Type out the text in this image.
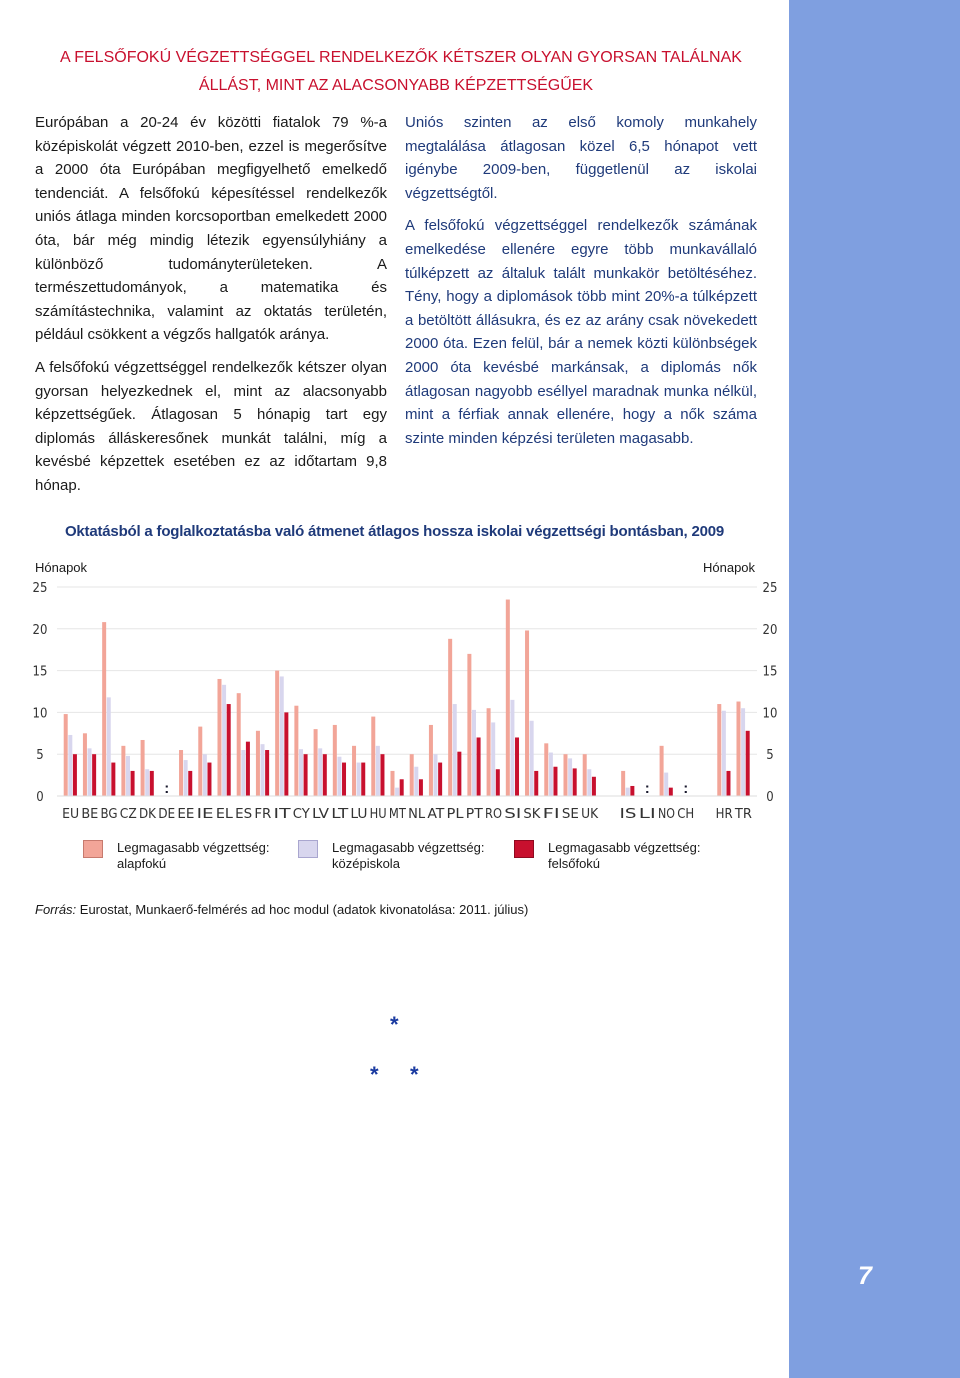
7
A FELSŐFOKÚ VÉGZETTSÉGGEL RENDELKEZŐK KÉTSZER OLYAN GYORSAN TALÁLNAK
ÁLLÁST, MINT AZ ALACSONYABB KÉPZETTSÉGŰEK

Európában a 20-24 év közötti fiatalok 79 %-a középiskolát végzett 2010-ben, ezzel is megerősítve a 2000 óta Európában megfigyelhető emelkedő tendenciát. A felsőfokú képesítéssel rendelkezők uniós átlaga minden korcsoportban emelkedett 2000 óta, bár még mindig létezik egyensúlyhiány a különböző tudományterületeken. A természettudományok, a matematika és számítástechnika, valamint az oktatás területén, például csökkent a végzős hallgatók aránya.

A felsőfokú végzettséggel rendelkezők kétszer olyan gyorsan helyezkednek el, mint az alacsonyabb képzettségűek. Átlagosan 5 hónapig tart egy diplomás álláskeresőnek munkát találni, míg a kevésbé képzettek esetében ez az időtartam 9,8 hónap.

Uniós szinten az első komoly munkahely megtalálása átlagosan közel 6,5 hónapot vett igénybe 2009-ben, függetlenül az iskolai végzettségtől.

A felsőfokú végzettséggel rendelkezők számának emelkedése ellenére egyre több munkavállaló túlképzett az általuk talált munkakör betöltéséhez. Tény, hogy a diplomások több mint 20%-a túlképzett a betöltött állásukra, és ez az arány csak növekedett 2000 óta. Ezen felül, bár a nemek közti különbségek 2000 óta kevésbé markánsak, a diplomás nők átlagosan nagyobb eséllyel maradnak munka nélkül, mint a férfiak annak ellenére, hogy a nők száma szinte minden képzési területen magasabb.

Oktatásból a foglalkoztatásba való átmenet átlagos hossza iskolai végzettségi bontásban, 2009
Hónapok	Hónapok
0	0
5	5
10	10
15	15
20	20
25	25
EU BE BG CZ DK
:
DE EE IE EL ES FR IT CY LV LT LU HU MT NL AT PL PT RO SI SK FI SE UK IS
:
LI NO
:
CH HR TR
Legmagasabb végzettség: alapfokú
Legmagasabb végzettség: középiskola
Legmagasabb végzettség: felsőfokú
Forrás: Eurostat, Munkaerő-felmérés ad hoc modul (adatok kivonatolása: 2011. július)
*
* *
